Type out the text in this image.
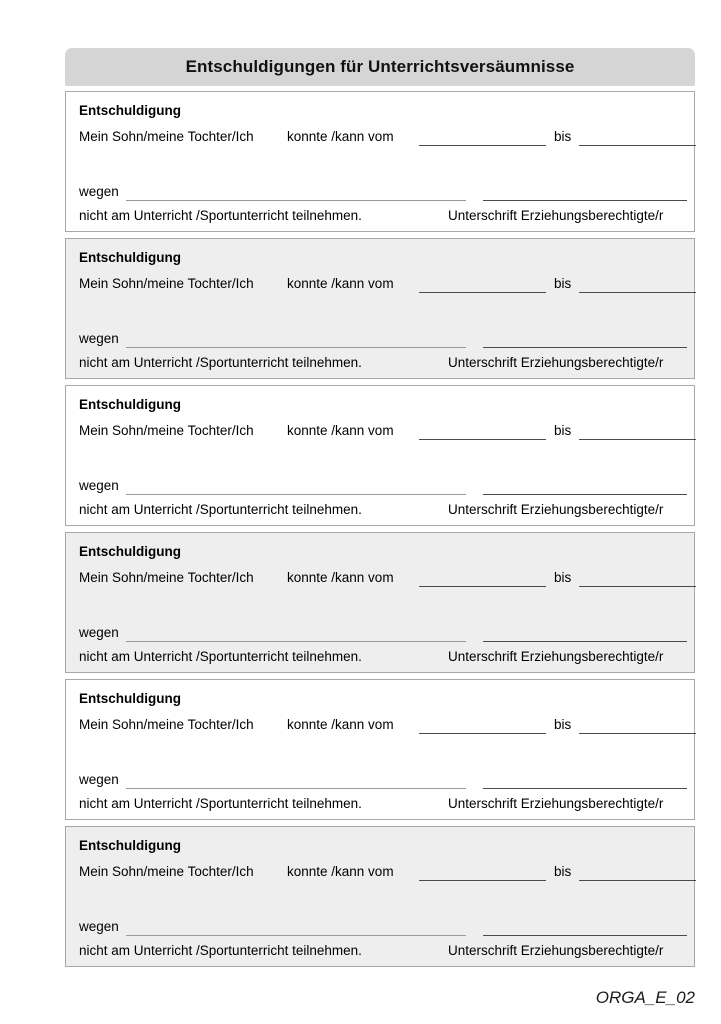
Entschuldigungen für Unterrichtsversäumnisse
Entschuldigung
Mein Sohn/meine Tochter/Ich konnte /kann vom	bis
wegen
nicht am Unterricht /Sportunterricht teilnehmen.	Unterschrift Erziehungsberechtigte/r
Entschuldigung
Mein Sohn/meine Tochter/Ich konnte /kann vom	bis
wegen
nicht am Unterricht /Sportunterricht teilnehmen.	Unterschrift Erziehungsberechtigte/r
Entschuldigung
Mein Sohn/meine Tochter/Ich konnte /kann vom	bis
wegen
nicht am Unterricht /Sportunterricht teilnehmen.	Unterschrift Erziehungsberechtigte/r
Entschuldigung
Mein Sohn/meine Tochter/Ich konnte /kann vom	bis
wegen
nicht am Unterricht /Sportunterricht teilnehmen.	Unterschrift Erziehungsberechtigte/r
Entschuldigung
Mein Sohn/meine Tochter/Ich konnte /kann vom	bis
wegen
nicht am Unterricht /Sportunterricht teilnehmen.	Unterschrift Erziehungsberechtigte/r
Entschuldigung
Mein Sohn/meine Tochter/Ich konnte /kann vom	bis
wegen
nicht am Unterricht /Sportunterricht teilnehmen.	Unterschrift Erziehungsberechtigte/r
ORGA_E_02
